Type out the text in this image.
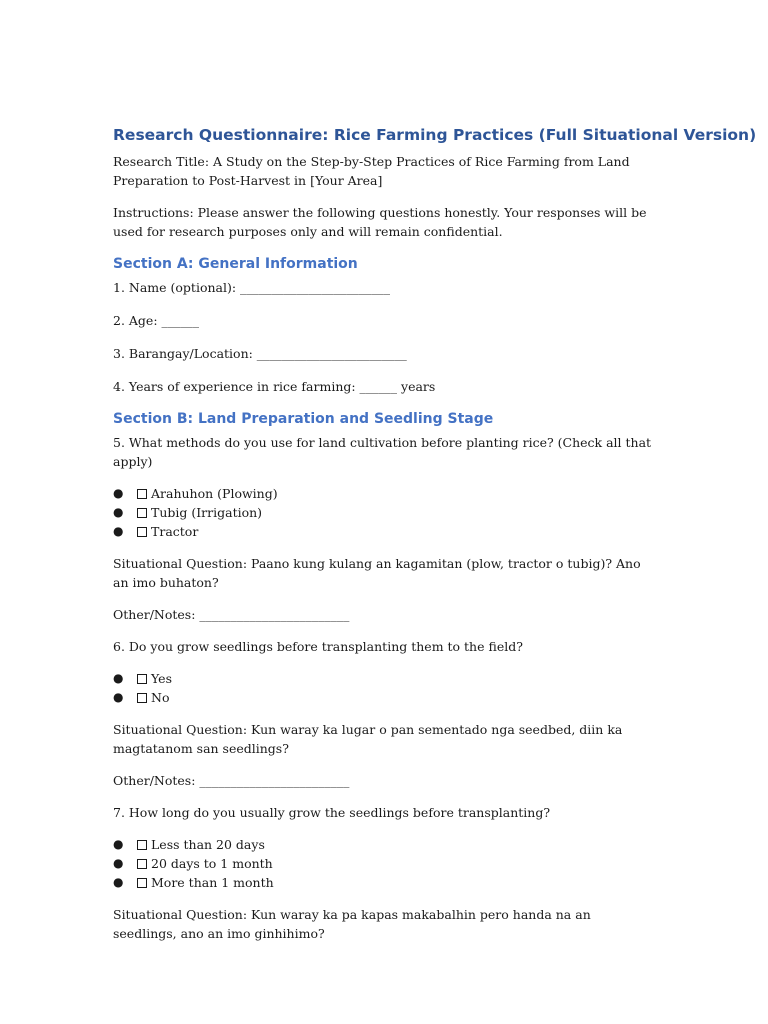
Research Questionnaire: Rice Farming Practices (Full Situational Version)

Research Title: A Study on the Step-by-Step Practices of Rice Farming from Land Preparation to Post-Harvest in [Your Area]

Instructions: Please answer the following questions honestly. Your responses will be used for research purposes only and will remain confidential.

Section A: General Information

1. Name (optional): ________________________

2. Age: ______

3. Barangay/Location: ________________________

4. Years of experience in rice farming: ______ years

Section B: Land Preparation and Seedling Stage

5. What methods do you use for land cultivation before planting rice? (Check all that apply)

● Arahuhon (Plowing)
● Tubig (Irrigation)
● Tractor

Situational Question: Paano kung kulang an kagamitan (plow, tractor o tubig)? Ano an imo buhaton?

Other/Notes: ________________________

6. Do you grow seedlings before transplanting them to the field?

● Yes
● No

Situational Question: Kun waray ka lugar o pan sementado nga seedbed, diin ka magtatanom san seedlings?

Other/Notes: ________________________

7. How long do you usually grow the seedlings before transplanting?

● Less than 20 days
● 20 days to 1 month
● More than 1 month

Situational Question: Kun waray ka pa kapas makabalhin pero handa na an seedlings, ano an imo ginhihimo?
